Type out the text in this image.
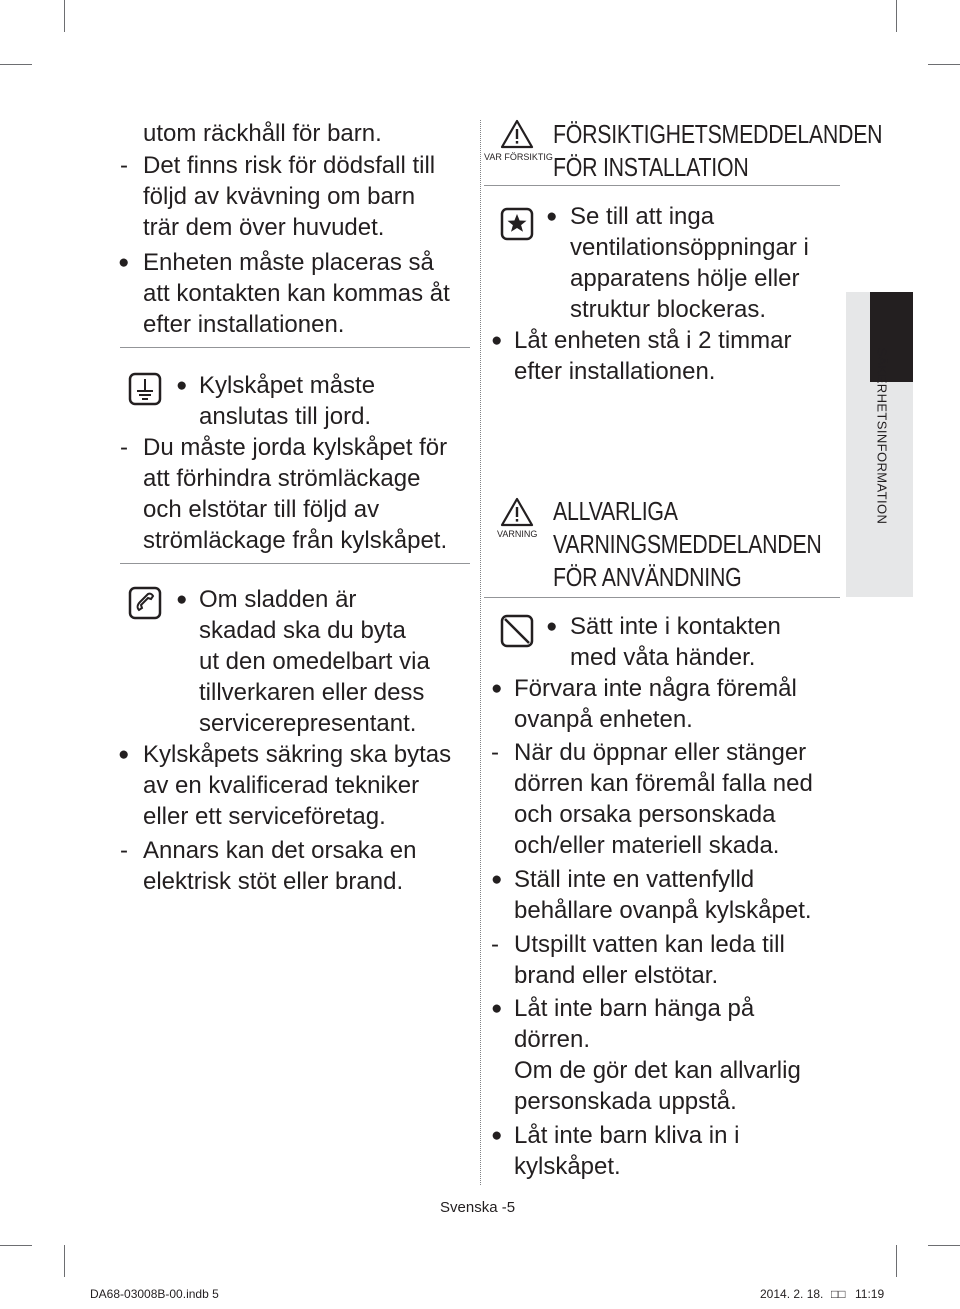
utom räckhåll för barn.
- Det finns risk för dödsfall till
följd av kvävning om barn
trär dem över huvudet.
● Enheten måste placeras så
att kontakten kan kommas åt
efter installationen.
● Kylskåpet måste
anslutas till jord.
- Du måste jorda kylskåpet för
att förhindra strömläckage
och elstötar till följd av
strömläckage från kylskåpet.
● Om sladden är
skadad ska du byta
ut den omedelbart via
tillverkaren eller dess
servicerepresentant.
● Kylskåpets säkring ska bytas
av en kvalificerad tekniker
eller ett serviceföretag.
- Annars kan det orsaka en
elektrisk stöt eller brand.
VAR FÖRSIKTIG
FÖRSIKTIGHETSMEDDELANDEN
FÖR INSTALLATION
● Se till att inga
ventilationsöppningar i
apparatens hölje eller
struktur blockeras.
● Låt enheten stå i 2 timmar
efter installationen.
VARNING
ALLVARLIGA
VARNINGSMEDDELANDEN
FÖR ANVÄNDNING
● Sätt inte i kontakten
med våta händer.
● Förvara inte några föremål
ovanpå enheten.
- När du öppnar eller stänger
dörren kan föremål falla ned
och orsaka personskada
och/eller materiell skada.
● Ställ inte en vattenfylld
behållare ovanpå kylskåpet.
- Utspillt vatten kan leda till
brand eller elstötar.
● Låt inte barn hänga på
dörren.
Om de gör det kan allvarlig
personskada uppstå.
● Låt inte barn kliva in i
kylskåpet.
SÄKERHETSINFORMATION
Svenska -5
DA68-03008B-00.indb 5	2014. 2. 18. □□ 11:19
